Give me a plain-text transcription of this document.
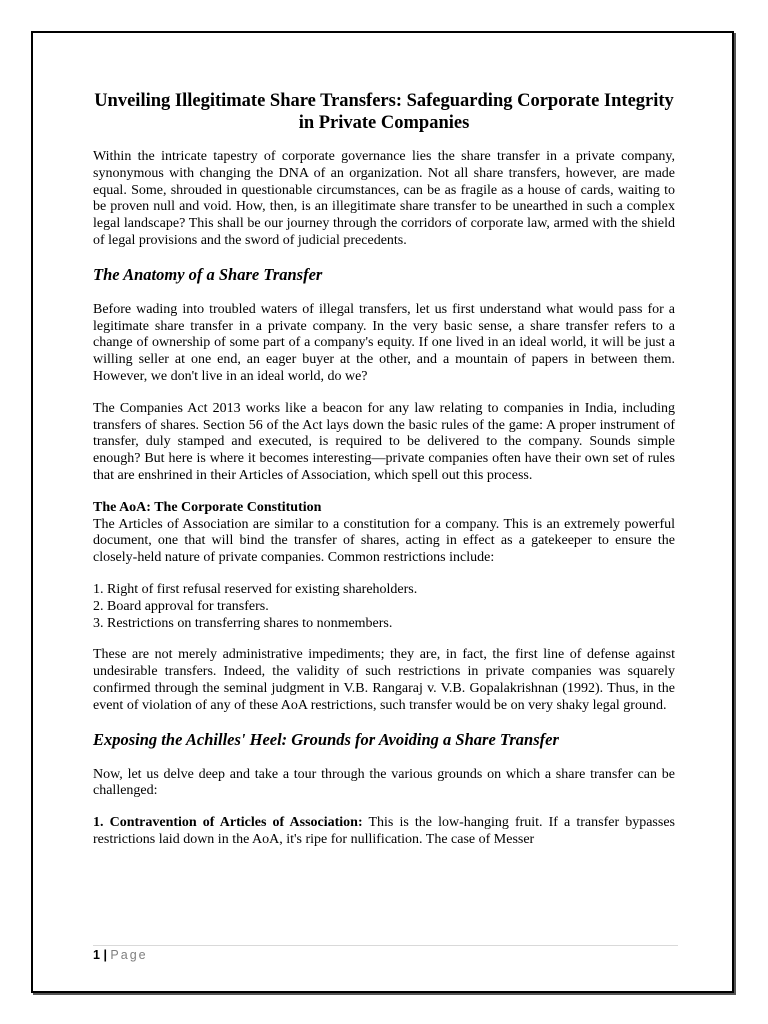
Unveiling Illegitimate Share Transfers: Safeguarding Corporate Integrity in Private Companies

Within the intricate tapestry of corporate governance lies the share transfer in a private company, synonymous with changing the DNA of an organization. Not all share transfers, however, are made equal. Some, shrouded in questionable circumstances, can be as fragile as a house of cards, waiting to be proven null and void. How, then, is an illegitimate share transfer to be unearthed in such a complex legal landscape? This shall be our journey through the corridors of corporate law, armed with the shield of legal provisions and the sword of judicial precedents.

The Anatomy of a Share Transfer

Before wading into troubled waters of illegal transfers, let us first understand what would pass for a legitimate share transfer in a private company. In the very basic sense, a share transfer refers to a change of ownership of some part of a company's equity. If one lived in an ideal world, it will be just a willing seller at one end, an eager buyer at the other, and a mountain of papers in between them. However, we don't live in an ideal world, do we?

The Companies Act 2013 works like a beacon for any law relating to companies in India, including transfers of shares. Section 56 of the Act lays down the basic rules of the game: A proper instrument of transfer, duly stamped and executed, is required to be delivered to the company. Sounds simple enough? But here is where it becomes interesting—private companies often have their own set of rules that are enshrined in their Articles of Association, which spell out this process.

The AoA: The Corporate Constitution

The Articles of Association are similar to a constitution for a company. This is an extremely powerful document, one that will bind the transfer of shares, acting in effect as a gatekeeper to ensure the closely-held nature of private companies. Common restrictions include:

1. Right of first refusal reserved for existing shareholders.

2. Board approval for transfers.

3. Restrictions on transferring shares to nonmembers.

These are not merely administrative impediments; they are, in fact, the first line of defense against undesirable transfers. Indeed, the validity of such restrictions in private companies was squarely confirmed through the seminal judgment in V.B. Rangaraj v. V.B. Gopalakrishnan (1992). Thus, in the event of violation of any of these AoA restrictions, such transfer would be on very shaky legal ground.

Exposing the Achilles' Heel: Grounds for Avoiding a Share Transfer

Now, let us delve deep and take a tour through the various grounds on which a share transfer can be challenged:

1. Contravention of Articles of Association: This is the low-hanging fruit. If a transfer bypasses restrictions laid down in the AoA, it's ripe for nullification. The case of Messer

1 | Page
